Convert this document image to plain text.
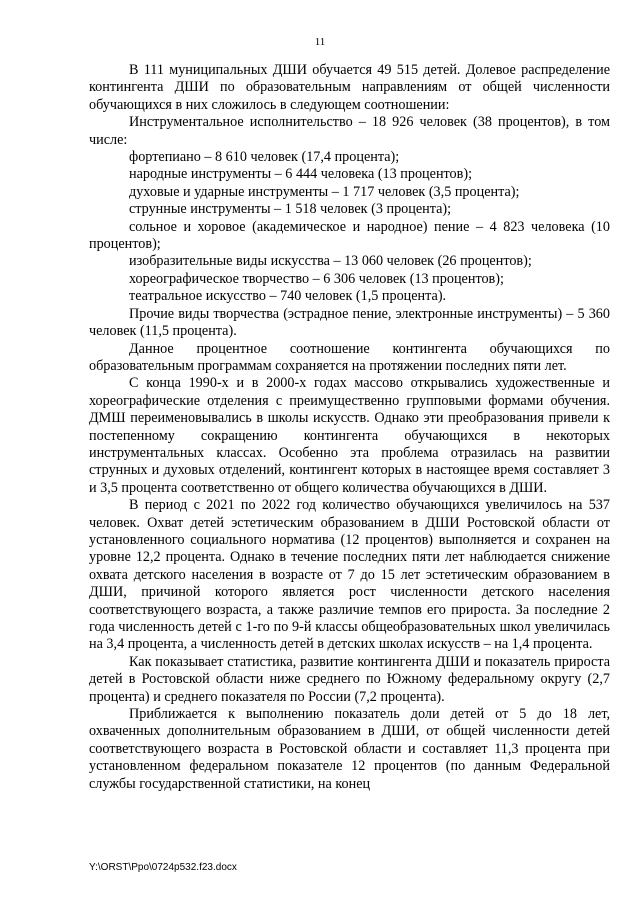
11

В 111 муниципальных ДШИ обучается 49 515 детей. Долевое распределение контингента ДШИ по образовательным направлениям от общей численности обучающихся в них сложилось в следующем соотношении:

Инструментальное исполнительство – 18 926 человек (38 процентов), в том числе:

фортепиано – 8 610 человек (17,4 процента);

народные инструменты – 6 444 человека (13 процентов);

духовые и ударные инструменты – 1 717 человек (3,5 процента);

струнные инструменты – 1 518 человек (3 процента);

сольное и хоровое (академическое и народное) пение – 4 823 человека (10 процентов);

изобразительные виды искусства – 13 060 человек (26 процентов);

хореографическое творчество – 6 306 человек (13 процентов);

театральное искусство – 740 человек (1,5 процента).

Прочие виды творчества (эстрадное пение, электронные инструменты) – 5 360 человек (11,5 процента).

Данное процентное соотношение контингента обучающихся по образовательным программам сохраняется на протяжении последних пяти лет.

С конца 1990-х и в 2000-х годах массово открывались художественные и хореографические отделения с преимущественно групповыми формами обучения. ДМШ переименовывались в школы искусств. Однако эти преобразования привели к постепенному сокращению контингента обучающихся в некоторых инструментальных классах. Особенно эта проблема отразилась на развитии струнных и духовых отделений, контингент которых в настоящее время составляет 3 и 3,5 процента соответственно от общего количества обучающихся в ДШИ.

В период с 2021 по 2022 год количество обучающихся увеличилось на 537 человек. Охват детей эстетическим образованием в ДШИ Ростовской области от установленного социального норматива (12 процентов) выполняется и сохранен на уровне 12,2 процента. Однако в течение последних пяти лет наблюдается снижение охвата детского населения в возрасте от 7 до 15 лет эстетическим образованием в ДШИ, причиной которого является рост численности детского населения соответствующего возраста, а также различие темпов его прироста. За последние 2 года численность детей с 1-го по 9-й классы общеобразовательных школ увеличилась на 3,4 процента, а численность детей в детских школах искусств – на 1,4 процента.

Как показывает статистика, развитие контингента ДШИ и показатель прироста детей в Ростовской области ниже среднего по Южному федеральному округу (2,7 процента) и среднего показателя по России (7,2 процента).

Приближается к выполнению показатель доли детей от 5 до 18 лет, охваченных дополнительным образованием в ДШИ, от общей численности детей соответствующего возраста в Ростовской области и составляет 11,3 процента при установленном федеральном показателе 12 процентов (по данным Федеральной службы государственной статистики, на конец

Y:\ORST\Ppo\0724p532.f23.docx
